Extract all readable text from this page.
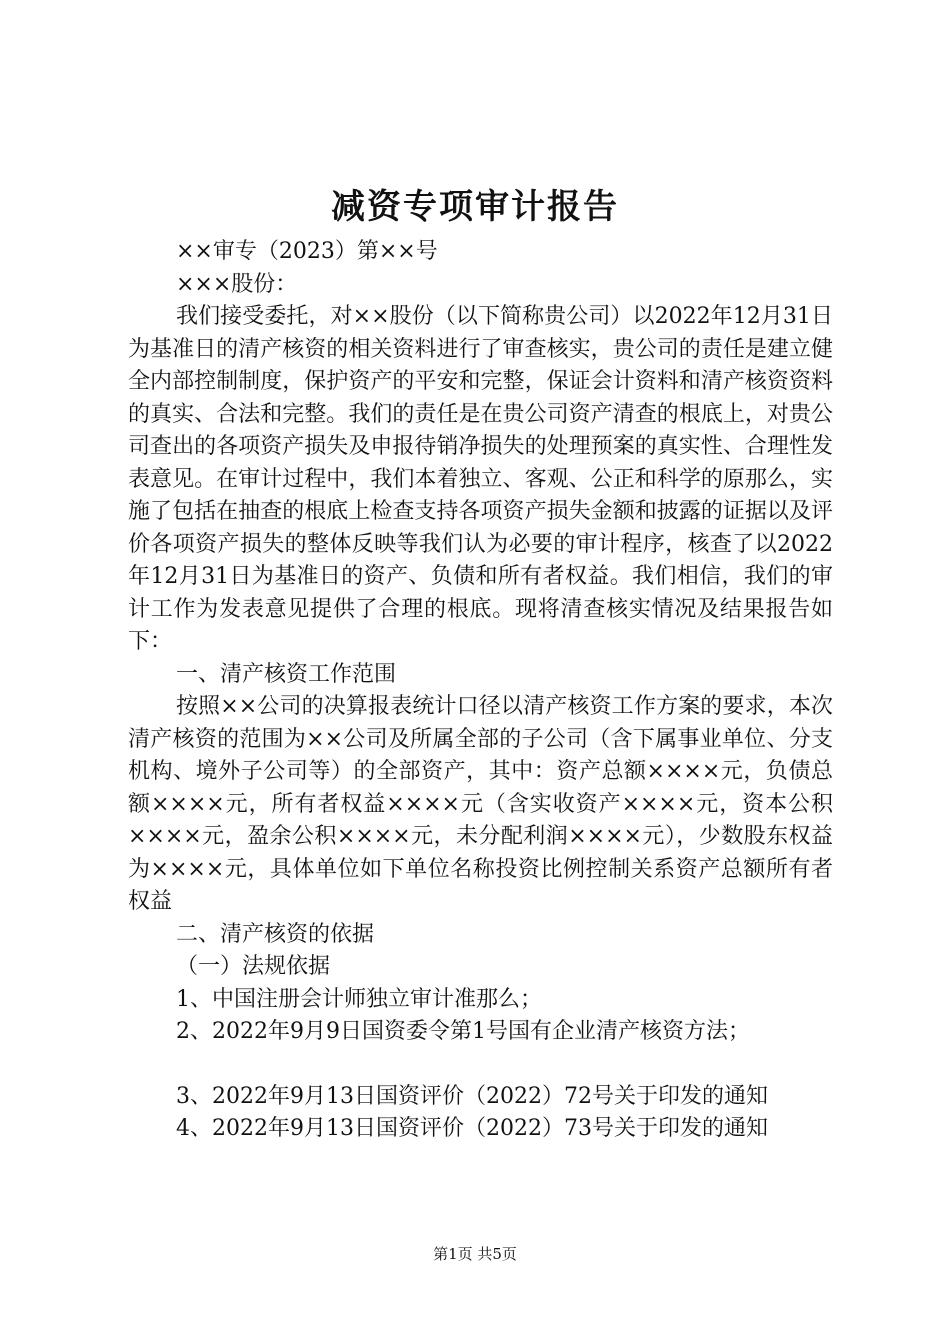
减资专项审计报告

××审专（2023）第××号

×××股份：

我们接受委托，对××股份（以下简称贵公司）以2022年12月31日为基准日的清产核资的相关资料进行了审查核实，贵公司的责任是建立健全内部控制制度，保护资产的平安和完整，保证会计资料和清产核资资料的真实、合法和完整。我们的责任是在贵公司资产清查的根底上，对贵公司查出的各项资产损失及申报待销净损失的处理预案的真实性、合理性发表意见。在审计过程中，我们本着独立、客观、公正和科学的原那么，实施了包括在抽查的根底上检查支持各项资产损失金额和披露的证据以及评价各项资产损失的整体反映等我们认为必要的审计程序，核查了以2022年12月31日为基准日的资产、负债和所有者权益。我们相信，我们的审计工作为发表意见提供了合理的根底。现将清查核实情况及结果报告如下：

一、清产核资工作范围

按照××公司的决算报表统计口径以清产核资工作方案的要求，本次清产核资的范围为××公司及所属全部的子公司（含下属事业单位、分支机构、境外子公司等）的全部资产，其中：资产总额××××元，负债总额××××元，所有者权益××××元（含实收资产××××元，资本公积××××元，盈余公积××××元，未分配利润××××元），少数股东权益为××××元，具体单位如下单位名称投资比例控制关系资产总额所有者权益

二、清产核资的依据

（一）法规依据

1、中国注册会计师独立审计准那么；

2、2022年9月9日国资委令第1号国有企业清产核资方法；

3、2022年9月13日国资评价（2022）72号关于印发的通知

4、2022年9月13日国资评价（2022）73号关于印发的通知

第1页 共5页
